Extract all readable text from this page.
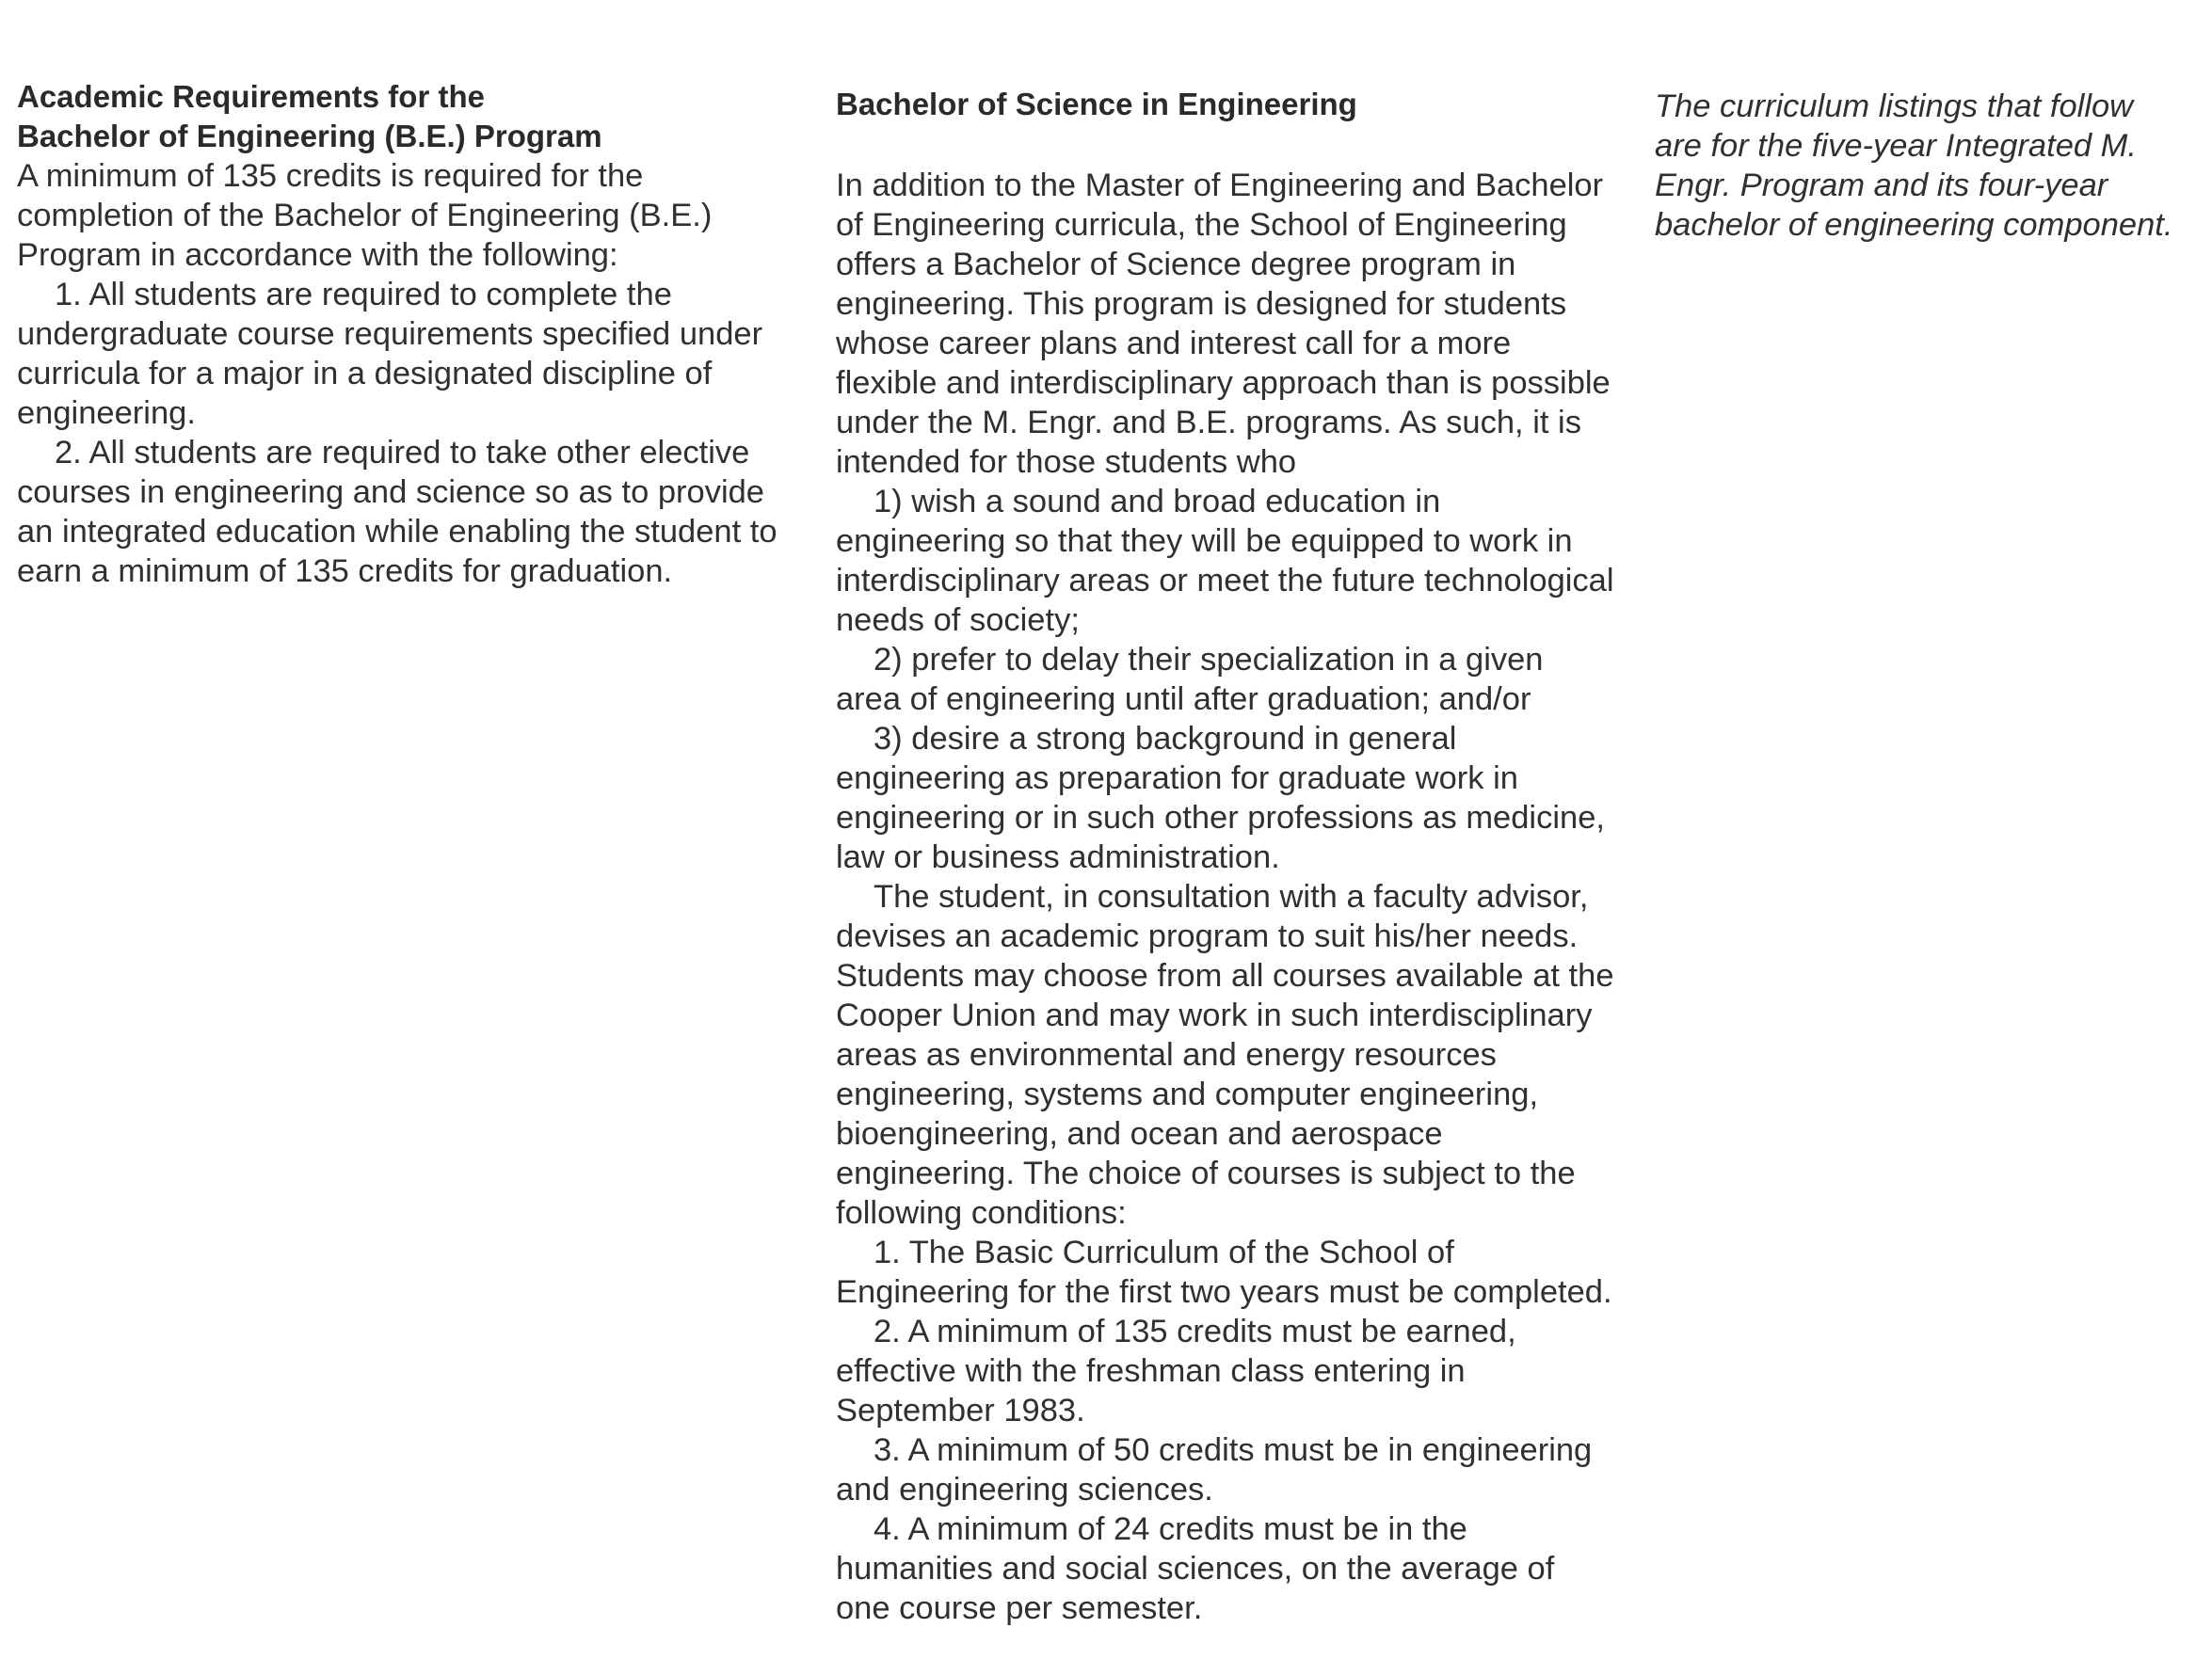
Academic Requirements for the
Bachelor of Engineering (B.E.) Program

A minimum of 135 credits is required for the completion of the Bachelor of Engineering (B.E.) Program in accordance with the following:

1. All students are required to complete the undergraduate course requirements specified under curricula for a major in a designated discipline of engineering.

2. All students are required to take other elective courses in engineering and science so as to provide an integrated education while enabling the student to earn a minimum of 135 credits for graduation.

Bachelor of Science in Engineering

In addition to the Master of Engineering and Bachelor of Engineering curricula, the School of Engineering offers a Bachelor of Science degree program in engineering. This program is designed for students whose career plans and interest call for a more flexible and interdisciplinary approach than is possible under the M. Engr. and B.E. programs. As such, it is intended for those students who

1) wish a sound and broad education in engineering so that they will be equipped to work in interdisciplinary areas or meet the future technological needs of society;

2) prefer to delay their specialization in a given area of engineering until after graduation; and/or

3) desire a strong background in general engineering as preparation for graduate work in engineering or in such other professions as medicine, law or business administration.

The student, in consultation with a faculty advisor, devises an academic program to suit his/her needs. Students may choose from all courses available at the Cooper Union and may work in such interdisciplinary areas as environmental and energy resources engineering, systems and computer engineering, bioengineering, and ocean and aerospace engineering. The choice of courses is subject to the following conditions:

1. The Basic Curriculum of the School of Engineering for the first two years must be completed.

2. A minimum of 135 credits must be earned, effective with the freshman class entering in September 1983.

3. A minimum of 50 credits must be in engineering and engineering sciences.

4. A minimum of 24 credits must be in the humanities and social sciences, on the average of one course per semester.

The curriculum listings that follow are for the five-year Integrated M. Engr. Program and its four-year bachelor of engineering component.
